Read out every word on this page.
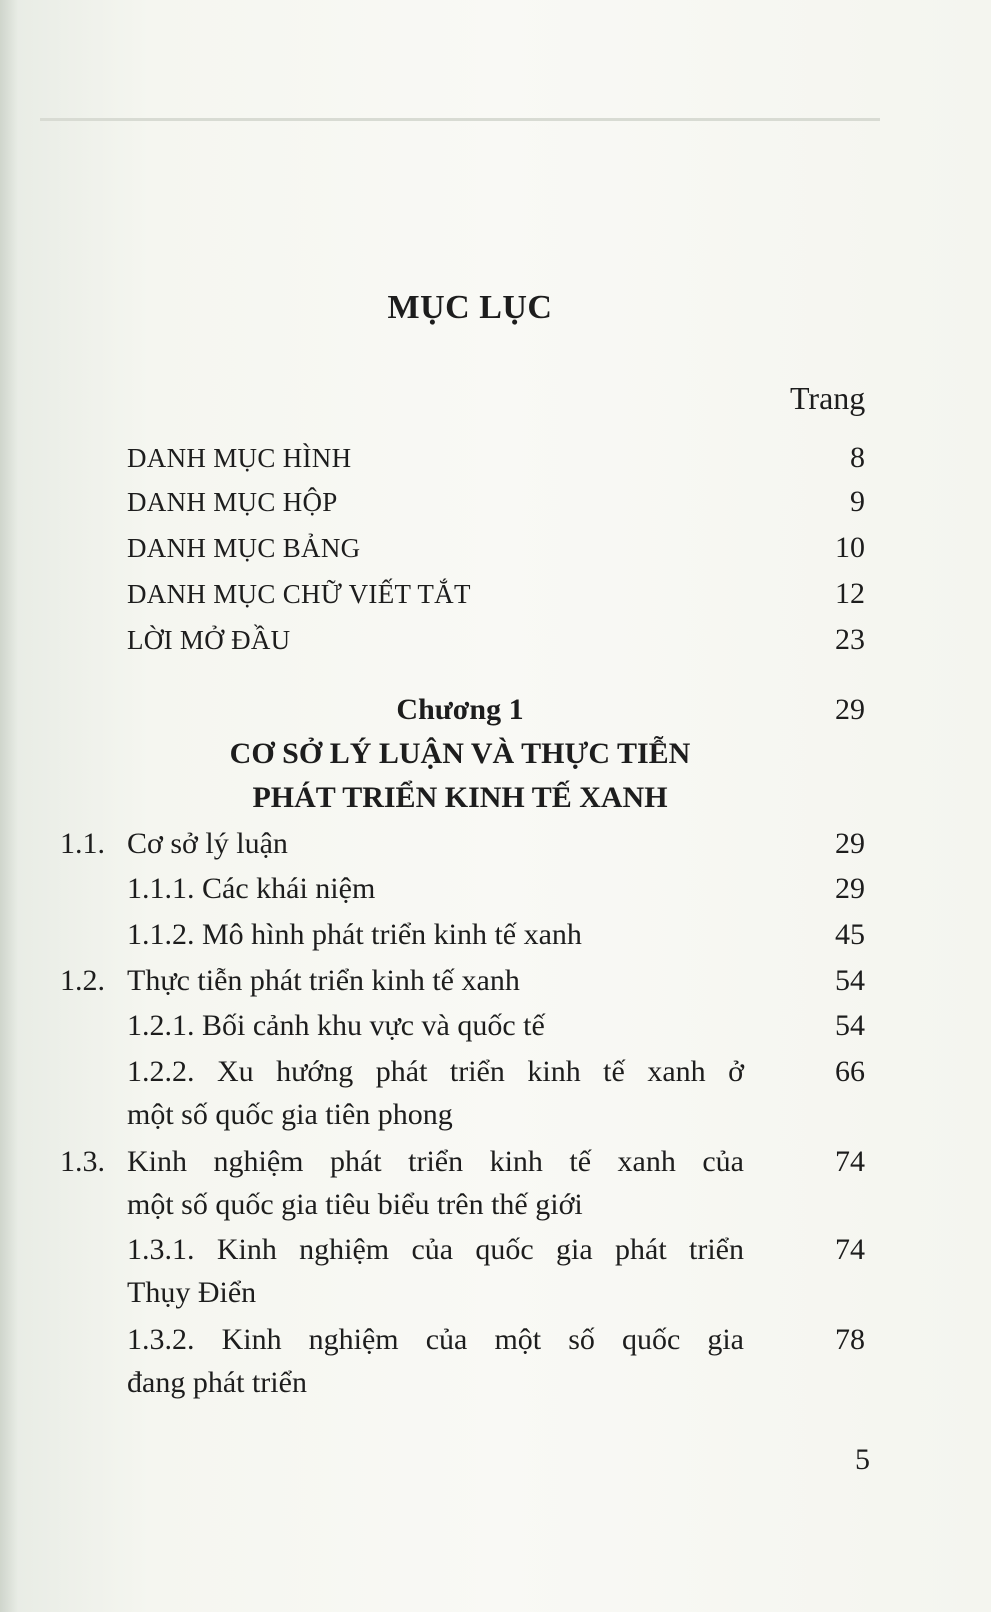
MỤC LỤC
Trang
DANH MỤC HÌNH	8
DANH MỤC HỘP	9
DANH MỤC BẢNG	10
DANH MỤC CHỮ VIẾT TẮT	12
LỜI MỞ ĐẦU	23
Chương 1	29
CƠ SỞ LÝ LUẬN VÀ THỰC TIỄN
PHÁT TRIỂN KINH TẾ XANH
1.1. Cơ sở lý luận	29
1.1.1. Các khái niệm	29
1.1.2. Mô hình phát triển kinh tế xanh	45
1.2. Thực tiễn phát triển kinh tế xanh	54
1.2.1. Bối cảnh khu vực và quốc tế	54
1.2.2. Xu hướng phát triển kinh tế xanh ở	66
một số quốc gia tiên phong
1.3. Kinh nghiệm phát triển kinh tế xanh của	74
một số quốc gia tiêu biểu trên thế giới
1.3.1. Kinh nghiệm của quốc gia phát triển	74
Thụy Điển
1.3.2. Kinh nghiệm của một số quốc gia	78
đang phát triển
5
